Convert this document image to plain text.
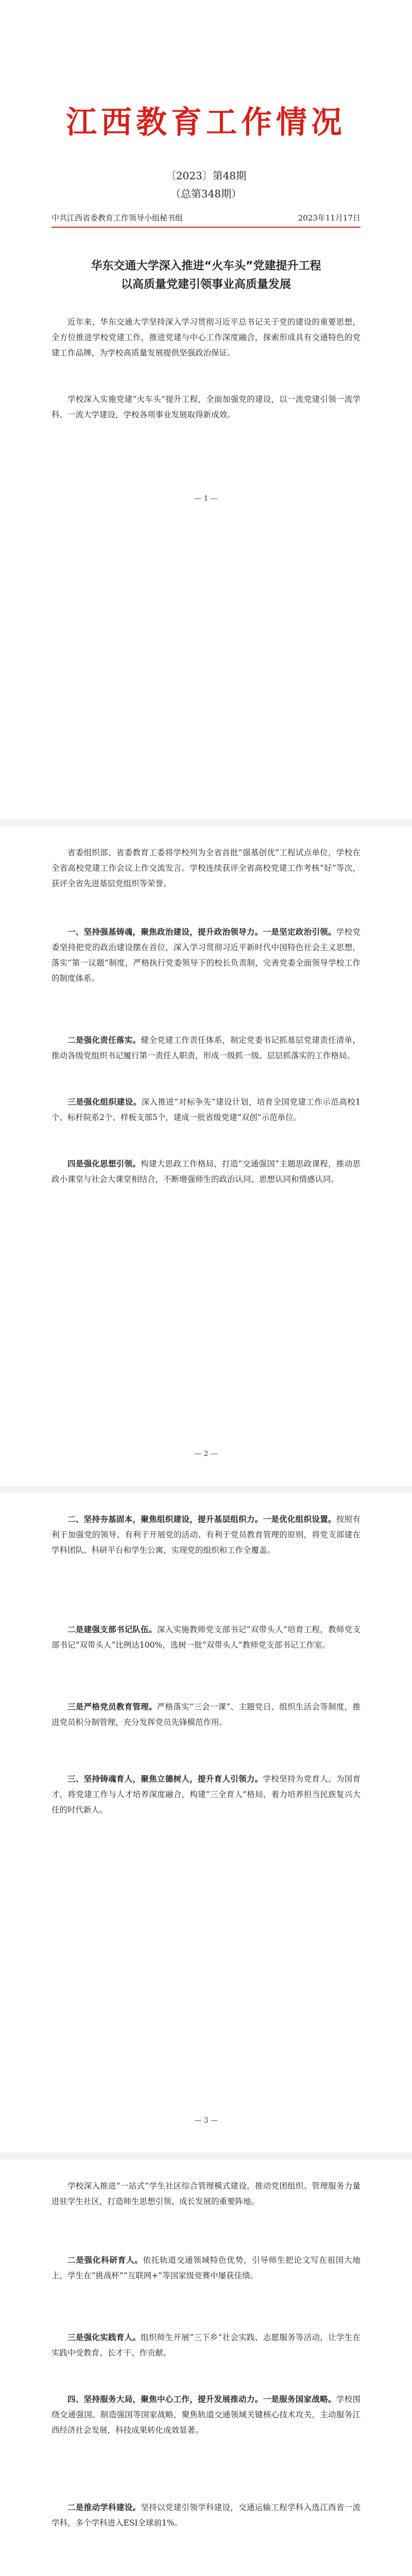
江西教育工作情况
〔2023〕第48期
（总第348期）
中共江西省委教育工作领导小组秘书组	2023年11月17日
华东交通大学深入推进“火车头”党建提升工程
以高质量党建引领事业高质量发展

近年来，华东交通大学坚持深入学习贯彻习近平总书记关于党的建设的重要思想，全方位推进学校党建工作，推进党建与中心工作深度融合，探索形成具有交通特色的党建工作品牌，为学校高质量发展提供坚强政治保证。

学校深入实施党建“火车头”提升工程，全面加强党的建设，以一流党建引领一流学科、一流大学建设，学校各项事业发展取得新成效。

— 1 —

省委组织部、省委教育工委将学校列为全省首批“强基创优”工程试点单位，学校在全省高校党建工作会议上作交流发言。学校连续获评全省高校党建工作考核“好”等次，获评全省先进基层党组织等荣誉。

一、坚持强基铸魂，聚焦政治建设，提升政治领导力。一是坚定政治引领。学校党委坚持把党的政治建设摆在首位，深入学习贯彻习近平新时代中国特色社会主义思想，落实“第一议题”制度，严格执行党委领导下的校长负责制，完善党委全面领导学校工作的制度体系。

二是强化责任落实。健全党建工作责任体系，制定党委书记抓基层党建责任清单，推动各级党组织书记履行第一责任人职责，形成一级抓一级、层层抓落实的工作格局。

三是强化组织建设。深入推进“对标争先”建设计划，培育全国党建工作示范高校1个、标杆院系2个、样板支部5个，建成一批省级党建“双创”示范单位。

四是强化思想引领。构建大思政工作格局，打造“交通强国”主题思政课程，推动思政小课堂与社会大课堂相结合，不断增强师生的政治认同、思想认同和情感认同。

— 2 —

二、坚持夯基固本，聚焦组织建设，提升基层组织力。一是优化组织设置。按照有利于加强党的领导、有利于开展党的活动、有利于党员教育管理的原则，将党支部建在学科团队、科研平台和学生公寓，实现党的组织和工作全覆盖。

二是建强支部书记队伍。深入实施教师党支部书记“双带头人”培育工程，教师党支部书记“双带头人”比例达100%，选树一批“双带头人”教师党支部书记工作室。

三是严格党员教育管理。严格落实“三会一课”、主题党日、组织生活会等制度，推进党员积分制管理，充分发挥党员先锋模范作用。

三、坚持铸魂育人，聚焦立德树人，提升育人引领力。学校坚持为党育人、为国育才，将党建工作与人才培养深度融合，构建“三全育人”格局，着力培养担当民族复兴大任的时代新人。

— 3 —

学校深入推进“一站式”学生社区综合管理模式建设，推动党团组织、管理服务力量进驻学生社区，打造师生思想引领、成长发展的重要阵地。

二是强化科研育人。依托轨道交通领域特色优势，引导师生把论文写在祖国大地上，学生在“挑战杯”“互联网+”等国家级竞赛中屡获佳绩。

三是强化实践育人。组织师生开展“三下乡”社会实践、志愿服务等活动，让学生在实践中受教育、长才干、作贡献。

四、坚持服务大局，聚焦中心工作，提升发展推动力。一是服务国家战略。学校围绕交通强国、制造强国等国家战略，聚焦轨道交通领域关键核心技术攻关，主动服务江西经济社会发展，科技成果转化成效显著。

二是推动学科建设。坚持以党建引领学科建设，交通运输工程学科入选江西省一流学科，多个学科进入ESI全球前1%。
